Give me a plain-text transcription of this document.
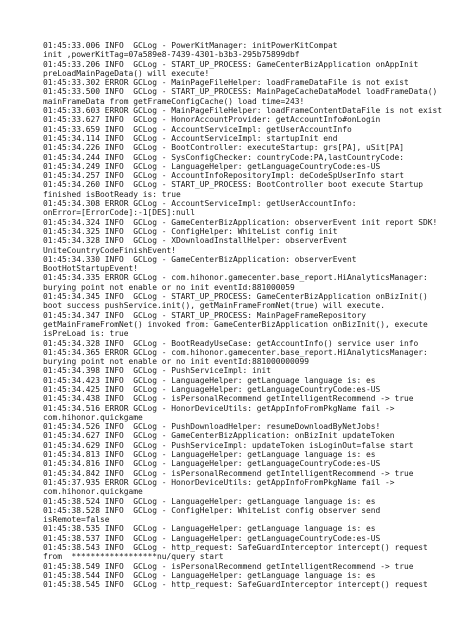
01:45:33.006 INFO  GCLog - PowerKitManager: initPowerKitCompat
init ,powerKitTag=07a589e8-7439-4301-b3b3-295b75899dbf
01:45:33.206 INFO  GCLog - START_UP_PROCESS: GameCenterBizApplication onAppInit
preLoadMainPageData() will execute!
01:45:33.302 ERROR GCLog - MainPageFileHelper: loadFrameDataFile is not exist
01:45:33.500 INFO  GCLog - START_UP_PROCESS: MainPageCacheDataModel loadFrameData()
mainFrameData from getFrameConfigCache() load time=243!
01:45:33.603 ERROR GCLog - MainPageFileHelper: loadFrameContentDataFile is not exist
01:45:33.627 INFO  GCLog - HonorAccountProvider: getAccountInfo#onLogin
01:45:33.659 INFO  GCLog - AccountServiceImpl: getUserAccountInfo
01:45:34.114 INFO  GCLog - AccountServiceImpl: startupInit end
01:45:34.226 INFO  GCLog - BootController: executeStartup: grs[PA], uSit[PA]
01:45:34.244 INFO  GCLog - SysConfigChecker: countryCode:PA,lastCountryCode:
01:45:34.249 INFO  GCLog - LanguageHelper: getLanguageCountryCode:es-US
01:45:34.257 INFO  GCLog - AccountInfoRepositoryImpl: deCodeSpUserInfo start
01:45:34.260 INFO  GCLog - START_UP_PROCESS: BootController boot execute Startup
finished isBootReady is: true
01:45:34.308 ERROR GCLog - AccountServiceImpl: getUserAccountInfo:
onError=[ErrorCode]:-1[DES]:null
01:45:34.324 INFO  GCLog - GameCenterBizApplication: observerEvent init report SDK!
01:45:34.325 INFO  GCLog - ConfigHelper: WhiteList config init
01:45:34.328 INFO  GCLog - XDownloadInstallHelper: observerEvent
UniteCountryCodeFinishEvent!
01:45:34.330 INFO  GCLog - GameCenterBizApplication: observerEvent
BootHotStartupEvent!
01:45:34.335 ERROR GCLog - com.hihonor.gamecenter.base_report.HiAnalyticsManager:
burying point not enable or no init eventId:881000059
01:45:34.345 INFO  GCLog - START_UP_PROCESS: GameCenterBizApplication onBizInit()
boot success pushService.init(), getMainFrameFromNet(true) will execute.
01:45:34.347 INFO  GCLog - START_UP_PROCESS: MainPageFrameRepository
getMainFrameFromNet() invoked from: GameCenterBizApplication onBizInit(), execute
isPreLoad is: true
01:45:34.328 INFO  GCLog - BootReadyUseCase: getAccountInfo() service user info
01:45:34.365 ERROR GCLog - com.hihonor.gamecenter.base_report.HiAnalyticsManager:
burying point not enable or no init eventId:881000000099
01:45:34.398 INFO  GCLog - PushServiceImpl: init
01:45:34.423 INFO  GCLog - LanguageHelper: getLanguage language is: es
01:45:34.425 INFO  GCLog - LanguageHelper: getLanguageCountryCode:es-US
01:45:34.438 INFO  GCLog - isPersonalRecommend getIntelligentRecommend -> true
01:45:34.516 ERROR GCLog - HonorDeviceUtils: getAppInfoFromPkgName fail ->
com.hihonor.quickgame
01:45:34.526 INFO  GCLog - PushDownloadHelper: resumeDownloadByNetJobs!
01:45:34.627 INFO  GCLog - GameCenterBizApplication: onBizInit updateToken
01:45:34.629 INFO  GCLog - PushServiceImpl: updateToken isLoginOut=false start
01:45:34.813 INFO  GCLog - LanguageHelper: getLanguage language is: es
01:45:34.816 INFO  GCLog - LanguageHelper: getLanguageCountryCode:es-US
01:45:34.842 INFO  GCLog - isPersonalRecommend getIntelligentRecommend -> true
01:45:37.935 ERROR GCLog - HonorDeviceUtils: getAppInfoFromPkgName fail ->
com.hihonor.quickgame
01:45:38.524 INFO  GCLog - LanguageHelper: getLanguage language is: es
01:45:38.528 INFO  GCLog - ConfigHelper: WhiteList config observer send
isRemote=false
01:45:38.535 INFO  GCLog - LanguageHelper: getLanguage language is: es
01:45:38.537 INFO  GCLog - LanguageHelper: getLanguageCountryCode:es-US
01:45:38.543 INFO  GCLog - http_request: SafeGuardInterceptor intercept() request
from  ******************nu/query start
01:45:38.549 INFO  GCLog - isPersonalRecommend getIntelligentRecommend -> true
01:45:38.544 INFO  GCLog - LanguageHelper: getLanguage language is: es
01:45:38.545 INFO  GCLog - http_request: SafeGuardInterceptor intercept() request
